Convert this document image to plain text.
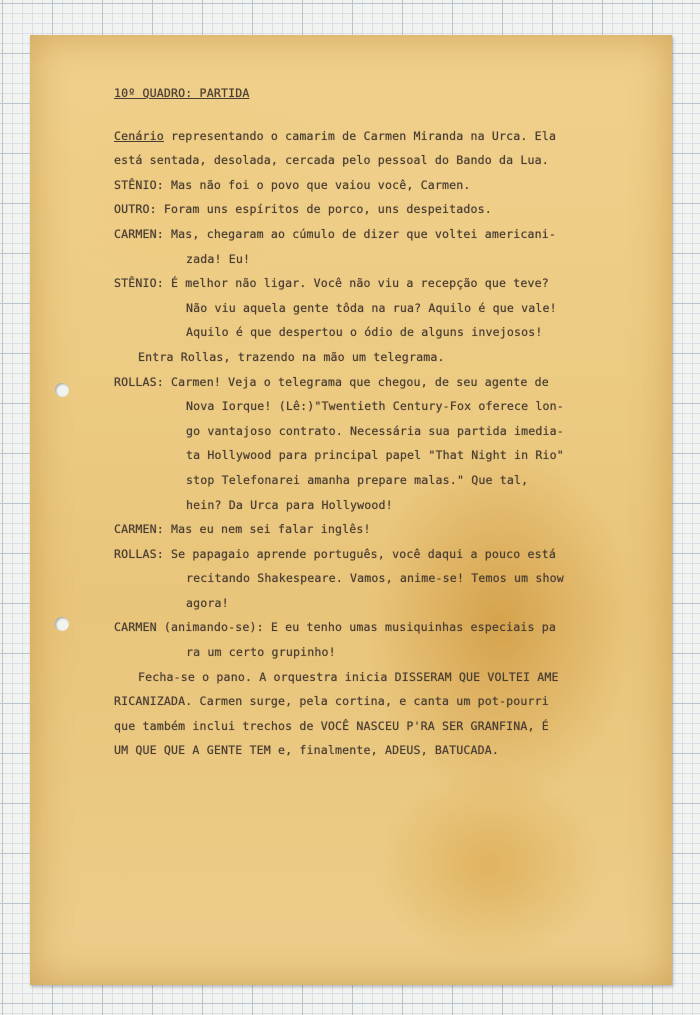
10º QUADRO: PARTIDA
Cenário representando o camarim de Carmen Miranda na Urca. Ela
está sentada, desolada, cercada pelo pessoal do Bando da Lua.
STÊNIO: Mas não foi o povo que vaiou você, Carmen.
OUTRO: Foram uns espíritos de porco, uns despeitados.
CARMEN: Mas, chegaram ao cúmulo de dizer que voltei americani-
zada! Eu!
STÊNIO: É melhor não ligar. Você não viu a recepção que teve?
Não viu aquela gente tôda na rua? Aquilo é que vale!
Aquilo é que despertou o ódio de alguns invejosos!
Entra Rollas, trazendo na mão um telegrama.
ROLLAS: Carmen! Veja o telegrama que chegou, de seu agente de
Nova Iorque! (Lê:)"Twentieth Century-Fox oferece lon-
go vantajoso contrato. Necessária sua partida imedia-
ta Hollywood para principal papel "That Night in Rio"
stop Telefonarei amanha prepare malas." Que tal,
hein? Da Urca para Hollywood!
CARMEN: Mas eu nem sei falar inglês!
ROLLAS: Se papagaio aprende português, você daqui a pouco está
recitando Shakespeare. Vamos, anime-se! Temos um show
agora!
CARMEN (animando-se): E eu tenho umas musiquinhas especiais pa
ra um certo grupinho!
Fecha-se o pano. A orquestra inicia DISSERAM QUE VOLTEI AME
RICANIZADA. Carmen surge, pela cortina, e canta um pot-pourri
que também inclui trechos de VOCÊ NASCEU P'RA SER GRANFINA, É
UM QUE QUE A GENTE TEM e, finalmente, ADEUS, BATUCADA.
